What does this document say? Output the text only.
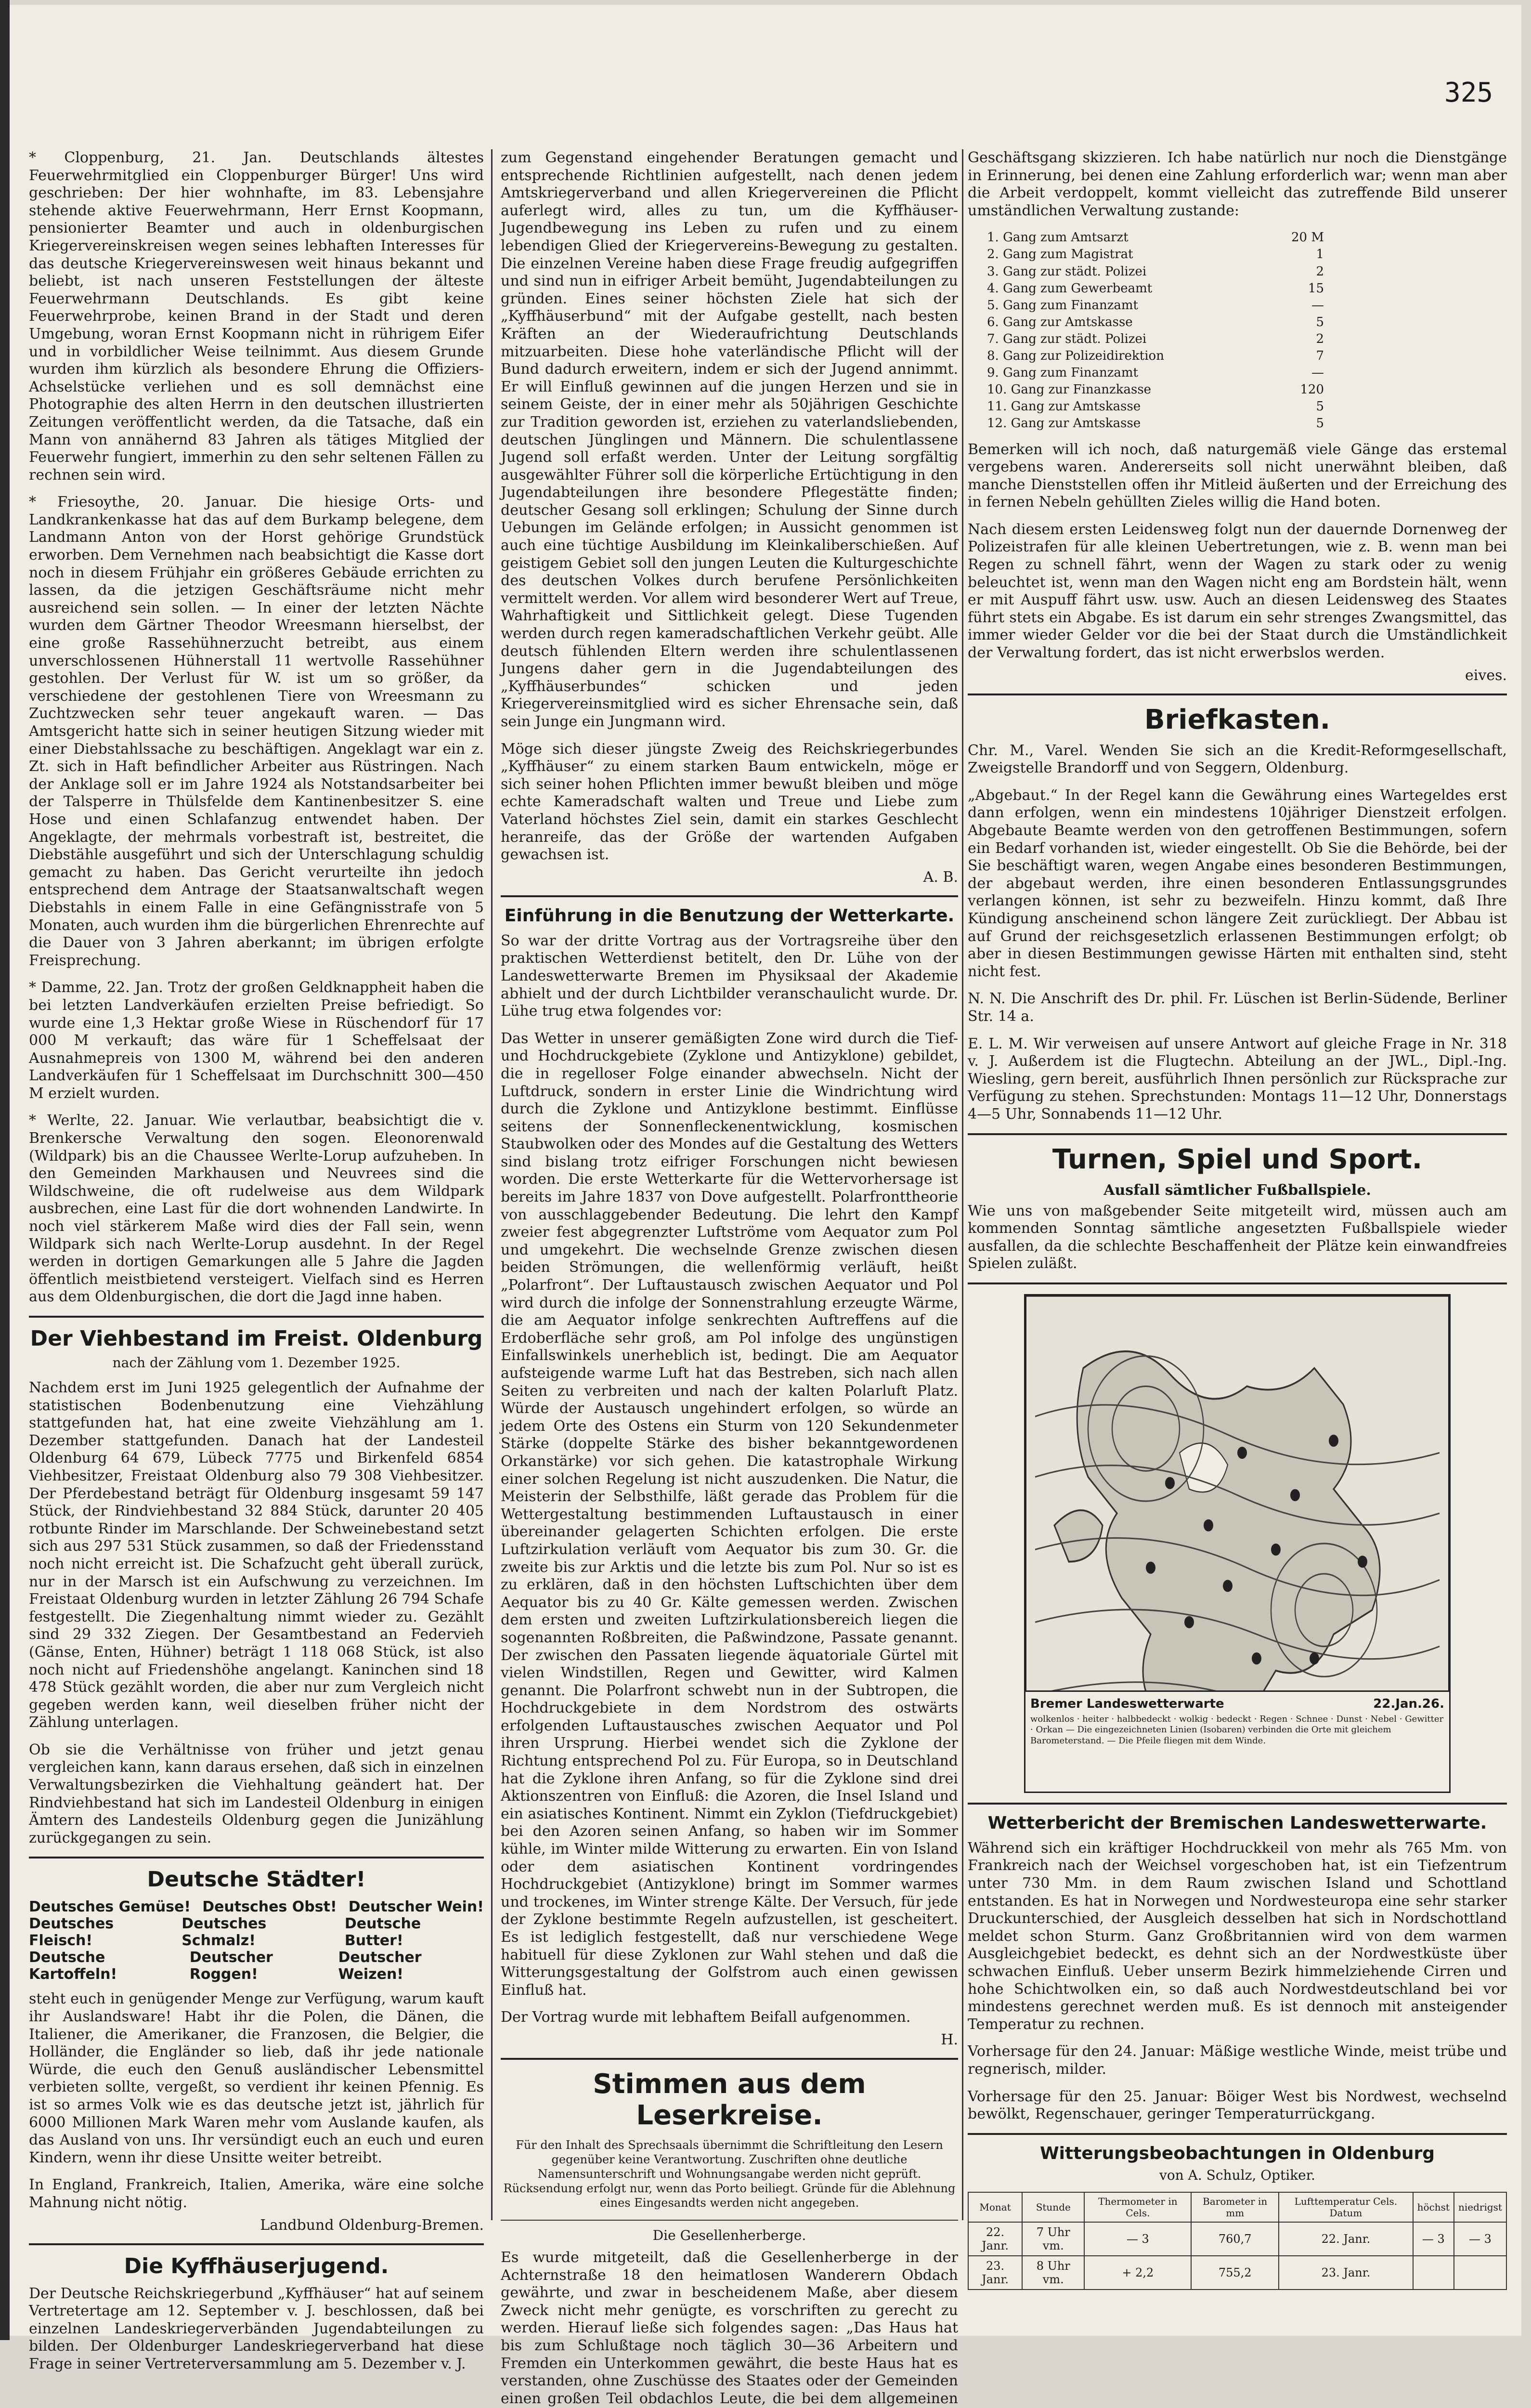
325

* Cloppenburg, 21. Jan. Deutschlands ältestes Feuerwehrmitglied ein Cloppenburger Bürger! Uns wird geschrieben: Der hier wohnhafte, im 83. Lebensjahre stehende aktive Feuerwehrmann, Herr Ernst Koopmann, pensionierter Beamter und auch in oldenburgischen Kriegervereinskreisen wegen seines lebhaften Interesses für das deutsche Kriegervereinswesen weit hinaus bekannt und beliebt, ist nach unseren Feststellungen der älteste Feuerwehrmann Deutschlands. Es gibt keine Feuerwehrprobe, keinen Brand in der Stadt und deren Umgebung, woran Ernst Koopmann nicht in rührigem Eifer und in vorbildlicher Weise teilnimmt. Aus diesem Grunde wurden ihm kürzlich als besondere Ehrung die Offiziers-Achselstücke verliehen und es soll demnächst eine Photographie des alten Herrn in den deutschen illustrierten Zeitungen veröffentlicht werden, da die Tatsache, daß ein Mann von annähernd 83 Jahren als tätiges Mitglied der Feuerwehr fungiert, immerhin zu den sehr seltenen Fällen zu rechnen sein wird.

* Friesoythe, 20. Januar. Die hiesige Orts- und Landkrankenkasse hat das auf dem Burkamp belegene, dem Landmann Anton von der Horst gehörige Grundstück erworben. Dem Vernehmen nach beabsichtigt die Kasse dort noch in diesem Frühjahr ein größeres Gebäude errichten zu lassen, da die jetzigen Geschäftsräume nicht mehr ausreichend sein sollen. — In einer der letzten Nächte wurden dem Gärtner Theodor Wreesmann hierselbst, der eine große Rassehühnerzucht betreibt, aus einem unverschlossenen Hühnerstall 11 wertvolle Rassehühner gestohlen. Der Verlust für W. ist um so größer, da verschiedene der gestohlenen Tiere von Wreesmann zu Zuchtzwecken sehr teuer angekauft waren. — Das Amtsgericht hatte sich in seiner heutigen Sitzung wieder mit einer Diebstahlssache zu beschäftigen. Angeklagt war ein z. Zt. sich in Haft befindlicher Arbeiter aus Rüstringen. Nach der Anklage soll er im Jahre 1924 als Notstandsarbeiter bei der Talsperre in Thülsfelde dem Kantinenbesitzer S. eine Hose und einen Schlafanzug entwendet haben. Der Angeklagte, der mehrmals vorbestraft ist, bestreitet, die Diebstähle ausgeführt und sich der Unterschlagung schuldig gemacht zu haben. Das Gericht verurteilte ihn jedoch entsprechend dem Antrage der Staatsanwaltschaft wegen Diebstahls in einem Falle in eine Gefängnisstrafe von 5 Monaten, auch wurden ihm die bürgerlichen Ehrenrechte auf die Dauer von 3 Jahren aberkannt; im übrigen erfolgte Freisprechung.

* Damme, 22. Jan. Trotz der großen Geldknappheit haben die bei letzten Landverkäufen erzielten Preise befriedigt. So wurde eine 1,3 Hektar große Wiese in Rüschendorf für 17 000 M verkauft; das wäre für 1 Scheffelsaat der Ausnahmepreis von 1300 M, während bei den anderen Landverkäufen für 1 Scheffelsaat im Durchschnitt 300—450 M erzielt wurden.

* Werlte, 22. Januar. Wie verlautbar, beabsichtigt die v. Brenkersche Verwaltung den sogen. Eleonorenwald (Wildpark) bis an die Chaussee Werlte-Lorup aufzuheben. In den Gemeinden Markhausen und Neuvrees sind die Wildschweine, die oft rudelweise aus dem Wildpark ausbrechen, eine Last für die dort wohnenden Landwirte. In noch viel stärkerem Maße wird dies der Fall sein, wenn Wildpark sich nach Werlte-Lorup ausdehnt. In der Regel werden in dortigen Gemarkungen alle 5 Jahre die Jagden öffentlich meistbietend versteigert. Vielfach sind es Herren aus dem Oldenburgischen, die dort die Jagd inne haben.

Der Viehbestand im Freist. Oldenburg
nach der Zählung vom 1. Dezember 1925.

Nachdem erst im Juni 1925 gelegentlich der Aufnahme der statistischen Bodenbenutzung eine Viehzählung stattgefunden hat, hat eine zweite Viehzählung am 1. Dezember stattgefunden. Danach hat der Landesteil Oldenburg 64 679, Lübeck 7775 und Birkenfeld 6854 Viehbesitzer, Freistaat Oldenburg also 79 308 Viehbesitzer. Der Pferdebestand beträgt für Oldenburg insgesamt 59 147 Stück, der Rindviehbestand 32 884 Stück, darunter 20 405 rotbunte Rinder im Marschlande. Der Schweinebestand setzt sich aus 297 531 Stück zusammen, so daß der Friedensstand noch nicht erreicht ist. Die Schafzucht geht überall zurück, nur in der Marsch ist ein Aufschwung zu verzeichnen. Im Freistaat Oldenburg wurden in letzter Zählung 26 794 Schafe festgestellt. Die Ziegenhaltung nimmt wieder zu. Gezählt sind 29 332 Ziegen. Der Gesamtbestand an Federvieh (Gänse, Enten, Hühner) beträgt 1 118 068 Stück, ist also noch nicht auf Friedenshöhe angelangt. Kaninchen sind 18 478 Stück gezählt worden, die aber nur zum Vergleich nicht gegeben werden kann, weil dieselben früher nicht der Zählung unterlagen.

Ob sie die Verhältnisse von früher und jetzt genau vergleichen kann, kann daraus ersehen, daß sich in einzelnen Verwaltungsbezirken die Viehhaltung geändert hat. Der Rindviehbestand hat sich im Landesteil Oldenburg in einigen Ämtern des Landesteils Oldenburg gegen die Junizählung zurückgegangen zu sein.

Deutsche Städter!
Deutsches Gemüse! Deutsches Obst! Deutscher Wein!
Deutsches Fleisch!
Deutsches Schmalz!
Deutsche Butter!
Deutsche Kartoffeln!
Deutscher Roggen!
Deutscher Weizen!

steht euch in genügender Menge zur Verfügung, warum kauft ihr Auslandsware! Habt ihr die Polen, die Dänen, die Italiener, die Amerikaner, die Franzosen, die Belgier, die Holländer, die Engländer so lieb, daß ihr jede nationale Würde, die euch den Genuß ausländischer Lebensmittel verbieten sollte, vergeßt, so verdient ihr keinen Pfennig. Es ist so armes Volk wie es das deutsche jetzt ist, jährlich für 6000 Millionen Mark Waren mehr vom Auslande kaufen, als das Ausland von uns. Ihr versündigt euch an euch und euren Kindern, wenn ihr diese Unsitte weiter betreibt.

In England, Frankreich, Italien, Amerika, wäre eine solche Mahnung nicht nötig.

Landbund Oldenburg-Bremen.
Die Kyffhäuserjugend.

Der Deutsche Reichskriegerbund „Kyffhäuser“ hat auf seinem Vertretertage am 12. September v. J. beschlossen, daß bei einzelnen Landeskriegerverbänden Jugendabteilungen zu bilden. Der Oldenburger Landeskriegerverband hat diese Frage in seiner Vertreterversammlung am 5. Dezember v. J.

zum Gegenstand eingehender Beratungen gemacht und entsprechende Richtlinien aufgestellt, nach denen jedem Amtskriegerverband und allen Kriegervereinen die Pflicht auferlegt wird, alles zu tun, um die Kyffhäuser-Jugendbewegung ins Leben zu rufen und zu einem lebendigen Glied der Kriegervereins-Bewegung zu gestalten. Die einzelnen Vereine haben diese Frage freudig aufgegriffen und sind nun in eifriger Arbeit bemüht, Jugendabteilungen zu gründen. Eines seiner höchsten Ziele hat sich der „Kyffhäuserbund“ mit der Aufgabe gestellt, nach besten Kräften an der Wiederaufrichtung Deutschlands mitzuarbeiten. Diese hohe vaterländische Pflicht will der Bund dadurch erweitern, indem er sich der Jugend annimmt. Er will Einfluß gewinnen auf die jungen Herzen und sie in seinem Geiste, der in einer mehr als 50jährigen Geschichte zur Tradition geworden ist, erziehen zu vaterlandsliebenden, deutschen Jünglingen und Männern. Die schulentlassene Jugend soll erfaßt werden. Unter der Leitung sorgfältig ausgewählter Führer soll die körperliche Ertüchtigung in den Jugendabteilungen ihre besondere Pflegestätte finden; deutscher Gesang soll erklingen; Schulung der Sinne durch Uebungen im Gelände erfolgen; in Aussicht genommen ist auch eine tüchtige Ausbildung im Kleinkaliberschießen. Auf geistigem Gebiet soll den jungen Leuten die Kulturgeschichte des deutschen Volkes durch berufene Persönlichkeiten vermittelt werden. Vor allem wird besonderer Wert auf Treue, Wahrhaftigkeit und Sittlichkeit gelegt. Diese Tugenden werden durch regen kameradschaftlichen Verkehr geübt. Alle deutsch fühlenden Eltern werden ihre schulentlassenen Jungens daher gern in die Jugendabteilungen des „Kyffhäuserbundes“ schicken und jeden Kriegervereinsmitglied wird es sicher Ehrensache sein, daß sein Junge ein Jungmann wird.

Möge sich dieser jüngste Zweig des Reichskriegerbundes „Kyffhäuser“ zu einem starken Baum entwickeln, möge er sich seiner hohen Pflichten immer bewußt bleiben und möge echte Kameradschaft walten und Treue und Liebe zum Vaterland höchstes Ziel sein, damit ein starkes Geschlecht heranreife, das der Größe der wartenden Aufgaben gewachsen ist.

A. B.
Einführung in die Benutzung der Wetterkarte.

So war der dritte Vortrag aus der Vortragsreihe über den praktischen Wetterdienst betitelt, den Dr. Lühe von der Landeswetterwarte Bremen im Physiksaal der Akademie abhielt und der durch Lichtbilder veranschaulicht wurde. Dr. Lühe trug etwa folgendes vor:

Das Wetter in unserer gemäßigten Zone wird durch die Tief- und Hochdruckgebiete (Zyklone und Antizyklone) gebildet, die in regelloser Folge einander abwechseln. Nicht der Luftdruck, sondern in erster Linie die Windrichtung wird durch die Zyklone und Antizyklone bestimmt. Einflüsse seitens der Sonnenfleckenentwicklung, kosmischen Staubwolken oder des Mondes auf die Gestaltung des Wetters sind bislang trotz eifriger Forschungen nicht bewiesen worden. Die erste Wetterkarte für die Wettervorhersage ist bereits im Jahre 1837 von Dove aufgestellt. Polarfronttheorie von ausschlaggebender Bedeutung. Die lehrt den Kampf zweier fest abgegrenzter Luftströme vom Aequator zum Pol und umgekehrt. Die wechselnde Grenze zwischen diesen beiden Strömungen, die wellenförmig verläuft, heißt „Polarfront“. Der Luftaustausch zwischen Aequator und Pol wird durch die infolge der Sonnenstrahlung erzeugte Wärme, die am Aequator infolge senkrechten Auftreffens auf die Erdoberfläche sehr groß, am Pol infolge des ungünstigen Einfallswinkels unerheblich ist, bedingt. Die am Aequator aufsteigende warme Luft hat das Bestreben, sich nach allen Seiten zu verbreiten und nach der kalten Polarluft Platz. Würde der Austausch ungehindert erfolgen, so würde an jedem Orte des Ostens ein Sturm von 120 Sekundenmeter Stärke (doppelte Stärke des bisher bekanntgewordenen Orkanstärke) vor sich gehen. Die katastrophale Wirkung einer solchen Regelung ist nicht auszudenken. Die Natur, die Meisterin der Selbsthilfe, läßt gerade das Problem für die Wettergestaltung bestimmenden Luftaustausch in einer übereinander gelagerten Schichten erfolgen. Die erste Luftzirkulation verläuft vom Aequator bis zum 30. Gr. die zweite bis zur Arktis und die letzte bis zum Pol. Nur so ist es zu erklären, daß in den höchsten Luftschichten über dem Aequator bis zu 40 Gr. Kälte gemessen werden. Zwischen dem ersten und zweiten Luftzirkulationsbereich liegen die sogenannten Roßbreiten, die Paßwindzone, Passate genannt. Der zwischen den Passaten liegende äquatoriale Gürtel mit vielen Windstillen, Regen und Gewitter, wird Kalmen genannt. Die Polarfront schwebt nun in der Subtropen, die Hochdruckgebiete in dem Nordstrom des ostwärts erfolgenden Luftaustausches zwischen Aequator und Pol ihren Ursprung. Hierbei wendet sich die Zyklone der Richtung entsprechend Pol zu. Für Europa, so in Deutschland hat die Zyklone ihren Anfang, so für die Zyklone sind drei Aktionszentren von Einfluß: die Azoren, die Insel Island und ein asiatisches Kontinent. Nimmt ein Zyklon (Tiefdruckgebiet) bei den Azoren seinen Anfang, so haben wir im Sommer kühle, im Winter milde Witterung zu erwarten. Ein von Island oder dem asiatischen Kontinent vordringendes Hochdruckgebiet (Antizyklone) bringt im Sommer warmes und trockenes, im Winter strenge Kälte. Der Versuch, für jede der Zyklone bestimmte Regeln aufzustellen, ist gescheitert. Es ist lediglich festgestellt, daß nur verschiedene Wege habituell für diese Zyklonen zur Wahl stehen und daß die Witterungsgestaltung der Golfstrom auch einen gewissen Einfluß hat.

Der Vortrag wurde mit lebhaftem Beifall aufgenommen.

H.
Stimmen aus dem Leserkreise.

Für den Inhalt des Sprechsaals übernimmt die Schriftleitung den Lesern gegenüber keine Verantwortung. Zuschriften ohne deutliche Namensunterschrift und Wohnungsangabe werden nicht geprüft. Rücksendung erfolgt nur, wenn das Porto beiliegt. Gründe für die Ablehnung eines Eingesandts werden nicht angegeben.

Die Gesellenherberge.

Es wurde mitgeteilt, daß die Gesellenherberge in der Achternstraße 18 den heimatlosen Wanderern Obdach gewährte, und zwar in bescheidenem Maße, aber diesem Zweck nicht mehr genügte, es vorschriften zu gerecht zu werden. Hierauf ließe sich folgendes sagen: „Das Haus hat bis zum Schlußtage noch täglich 30—36 Arbeitern und Fremden ein Unterkommen gewährt, die beste Haus hat es verstanden, ohne Zuschüsse des Staates oder der Gemeinden einen großen Teil obdachlos Leute, die bei dem allgemeinen

Geschäftsgang skizzieren. Ich habe natürlich nur noch die Dienstgänge in Erinnerung, bei denen eine Zahlung erforderlich war; wenn man aber die Arbeit verdoppelt, kommt vielleicht das zutreffende Bild unserer umständlichen Verwaltung zustande:

1. Gang zum Amtsarzt	20 M
2. Gang zum Magistrat	1
3. Gang zur städt. Polizei	2
4. Gang zum Gewerbeamt	15
5. Gang zum Finanzamt	—
6. Gang zur Amtskasse	5
7. Gang zur städt. Polizei	2
8. Gang zur Polizeidirektion	7
9. Gang zum Finanzamt	—
10. Gang zur Finanzkasse	120
11. Gang zur Amtskasse	5
12. Gang zur Amtskasse	5

Bemerken will ich noch, daß naturgemäß viele Gänge das erstemal vergebens waren. Andererseits soll nicht unerwähnt bleiben, daß manche Dienststellen offen ihr Mitleid äußerten und der Erreichung des in fernen Nebeln gehüllten Zieles willig die Hand boten.

Nach diesem ersten Leidensweg folgt nun der dauernde Dornenweg der Polizeistrafen für alle kleinen Uebertretungen, wie z. B. wenn man bei Regen zu schnell fährt, wenn der Wagen zu stark oder zu wenig beleuchtet ist, wenn man den Wagen nicht eng am Bordstein hält, wenn er mit Auspuff fährt usw. usw. Auch an diesen Leidensweg des Staates führt stets ein Abgabe. Es ist darum ein sehr strenges Zwangsmittel, das immer wieder Gelder vor die bei der Staat durch die Umständlichkeit der Verwaltung fordert, das ist nicht erwerbslos werden.

eives.
Briefkasten.

Chr. M., Varel. Wenden Sie sich an die Kredit-Reformgesellschaft, Zweigstelle Brandorff und von Seggern, Oldenburg.

„Abgebaut.“ In der Regel kann die Gewährung eines Wartegeldes erst dann erfolgen, wenn ein mindestens 10jähriger Dienstzeit erfolgen. Abgebaute Beamte werden von den getroffenen Bestimmungen, sofern ein Bedarf vorhanden ist, wieder eingestellt. Ob Sie die Behörde, bei der Sie beschäftigt waren, wegen Angabe eines besonderen Bestimmungen, der abgebaut werden, ihre einen besonderen Entlassungsgrundes verlangen können, ist sehr zu bezweifeln. Hinzu kommt, daß Ihre Kündigung anscheinend schon längere Zeit zurückliegt. Der Abbau ist auf Grund der reichsgesetzlich erlassenen Bestimmungen erfolgt; ob aber in diesen Bestimmungen gewisse Härten mit enthalten sind, steht nicht fest.

N. N. Die Anschrift des Dr. phil. Fr. Lüschen ist Berlin-Südende, Berliner Str. 14 a.

E. L. M. Wir verweisen auf unsere Antwort auf gleiche Frage in Nr. 318 v. J. Außerdem ist die Flugtechn. Abteilung an der JWL., Dipl.-Ing. Wiesling, gern bereit, ausführlich Ihnen persönlich zur Rücksprache zur Verfügung zu stehen. Sprechstunden: Montags 11—12 Uhr, Donnerstags 4—5 Uhr, Sonnabends 11—12 Uhr.

Turnen, Spiel und Sport.
Ausfall sämtlicher Fußballspiele.

Wie uns von maßgebender Seite mitgeteilt wird, müssen auch am kommenden Sonntag sämtliche angesetzten Fußballspiele wieder ausfallen, da die schlechte Beschaffenheit der Plätze kein einwandfreies Spielen zuläßt.

Bremer Landeswetterwarte	22.Jan.26.
wolkenlos · heiter · halbbedeckt · wolkig · bedeckt · Regen · Schnee · Dunst · Nebel · Gewitter · Orkan — Die eingezeichneten Linien (Isobaren) verbinden die Orte mit gleichem Barometerstand. — Die Pfeile fliegen mit dem Winde.
Wetterbericht der Bremischen Landeswetterwarte.

Während sich ein kräftiger Hochdruckkeil von mehr als 765 Mm. von Frankreich nach der Weichsel vorgeschoben hat, ist ein Tiefzentrum unter 730 Mm. in dem Raum zwischen Island und Schottland entstanden. Es hat in Norwegen und Nordwesteuropa eine sehr starker Druckunterschied, der Ausgleich desselben hat sich in Nordschottland meldet schon Sturm. Ganz Großbritannien wird von dem warmen Ausgleichgebiet bedeckt, es dehnt sich an der Nordwestküste über schwachen Einfluß. Ueber unserm Bezirk himmelziehende Cirren und hohe Schichtwolken ein, so daß auch Nordwestdeutschland bei vor mindestens gerechnet werden muß. Es ist dennoch mit ansteigender Temperatur zu rechnen.

Vorhersage für den 24. Januar: Mäßige westliche Winde, meist trübe und regnerisch, milder.

Vorhersage für den 25. Januar: Böiger West bis Nordwest, wechselnd bewölkt, Regenschauer, geringer Temperaturrückgang.

Witterungsbeobachtungen in Oldenburg
von A. Schulz, Optiker.
Monat	Stunde	Thermometer in Cels.	Barometer in mm	Lufttemperatur Cels. Datum	höchst	niedrigst
22. Janr.	7 Uhr vm.	— 3	760,7	22. Janr.	— 3	— 3
23. Janr.	8 Uhr vm.	+ 2,2	755,2	23. Janr.		
